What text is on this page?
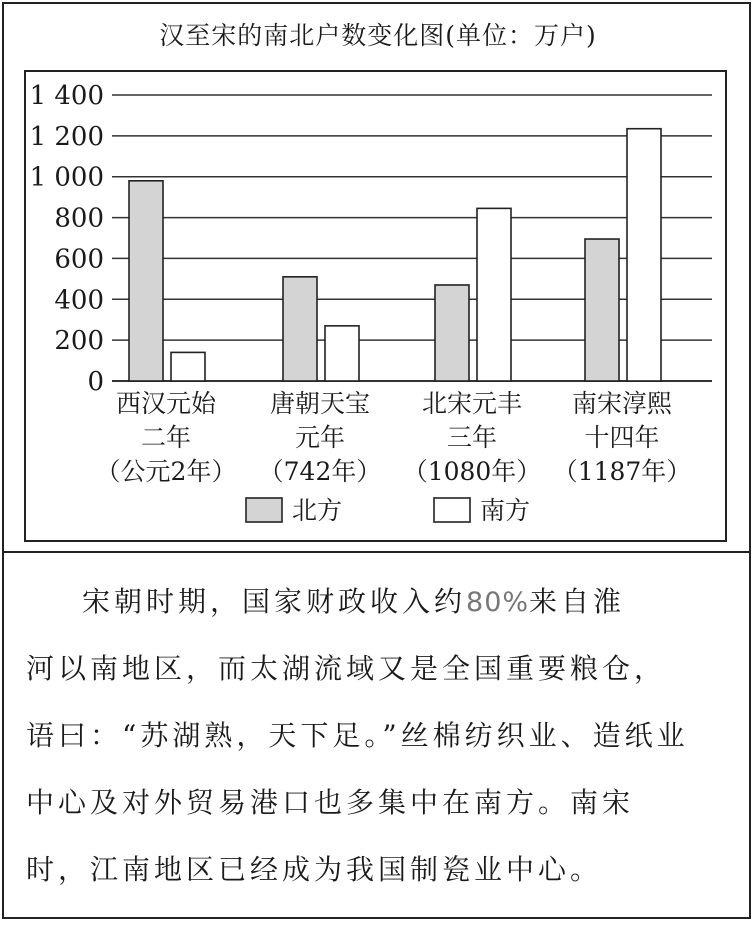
汉至宋的南北户数变化图(单位：万户)
0
200
400
600
800
1 000
1 200
1 400
西汉元始
二年
（公元2年）
唐朝天宝
元年
（742年）
北宋元丰
三年
（1080年）
南宋淳熙
十四年
（1187年）
北方	南方
宋朝时期，国家财政收入约80%来自淮
河以南地区，而太湖流域又是全国重要粮仓，
语曰：“苏湖熟，天下足。”丝棉纺织业、造纸业
中心及对外贸易港口也多集中在南方。南宋
时，江南地区已经成为我国制瓷业中心。
